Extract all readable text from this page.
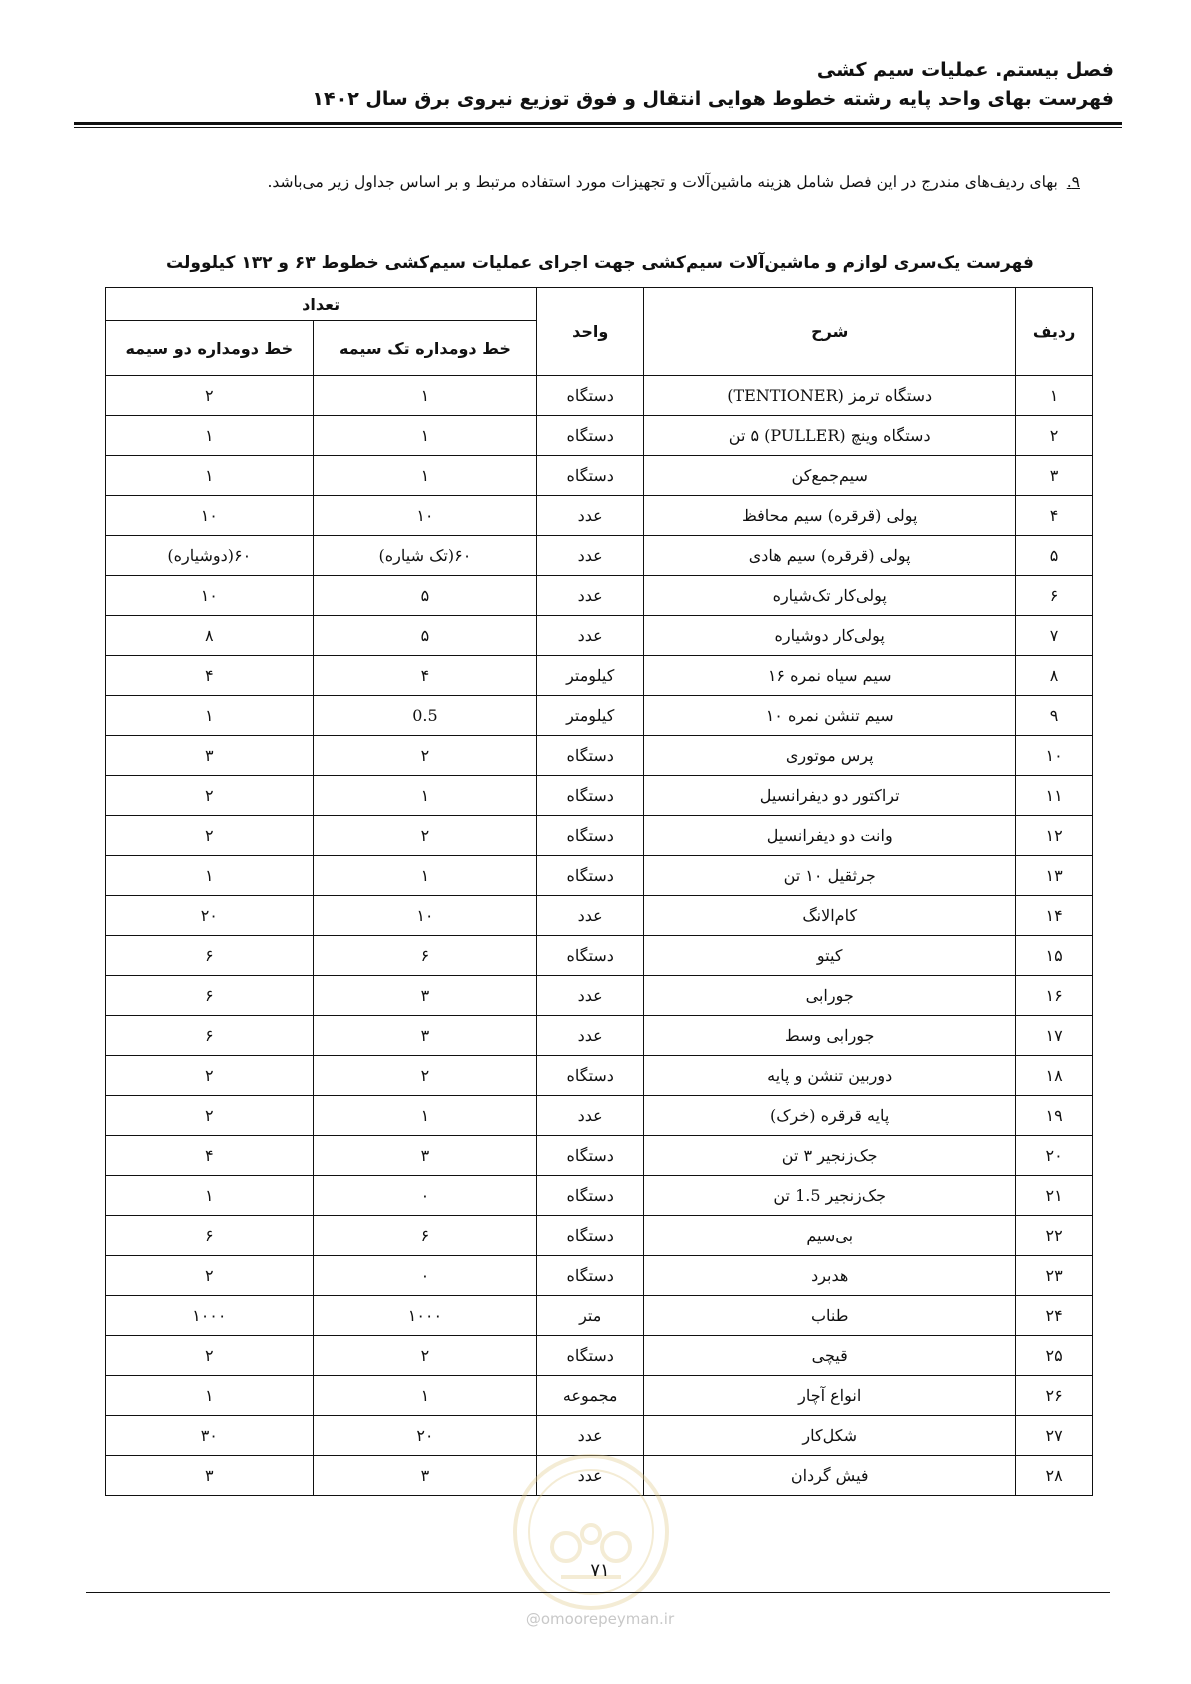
فصل بیستم. عملیات سیم کشی
فهرست بهای واحد پایه رشته خطوط هوایی انتقال و فوق توزیع نیروی برق سال ۱۴۰۲
۹. بهای ردیف‌های مندرج در این فصل شامل هزینه ماشین‌آلات و تجهیزات مورد استفاده مرتبط و بر اساس جداول زیر می‌باشد.
فهرست یک‌سری لوازم و ماشین‌آلات سیم‌کشی جهت اجرای عملیات سیم‌کشی خطوط ۶۳ و ۱۳۲ کیلوولت
ردیف	شرح	واحد	تعداد	
			خط دومداره تک سیمه	خط دومداره دو سیمه
۱	دستگاه ترمز (TENTIONER)	دستگاه	۱	۲
۲	دستگاه وینچ (PULLER) ۵ تن	دستگاه	۱	۱
۳	سیم‌جمع‌کن	دستگاه	۱	۱
۴	پولی (قرقره) سیم محافظ	عدد	۱۰	۱۰
۵	پولی (قرقره) سیم هادی	عدد	۶۰(تک شیاره)	۶۰(دوشیاره)
۶	پولی‌کار تک‌شیاره	عدد	۵	۱۰
۷	پولی‌کار دوشیاره	عدد	۵	۸
۸	سیم سیاه نمره ۱۶	کیلومتر	۴	۴
۹	سیم تنشن نمره ۱۰	کیلومتر	0.5	۱
۱۰	پرس موتوری	دستگاه	۲	۳
۱۱	تراکتور دو دیفرانسیل	دستگاه	۱	۲
۱۲	وانت دو دیفرانسیل	دستگاه	۲	۲
۱۳	جرثقیل ۱۰ تن	دستگاه	۱	۱
۱۴	کام‌الانگ	عدد	۱۰	۲۰
۱۵	کیتو	دستگاه	۶	۶
۱۶	جورابی	عدد	۳	۶
۱۷	جورابی وسط	عدد	۳	۶
۱۸	دوربین تنشن و پایه	دستگاه	۲	۲
۱۹	پایه قرقره (خرک)	عدد	۱	۲
۲۰	جک‌زنجیر ۳ تن	دستگاه	۳	۴
۲۱	جک‌زنجیر 1.5 تن	دستگاه	۰	۱
۲۲	بی‌سیم	دستگاه	۶	۶
۲۳	هدبرد	دستگاه	۰	۲
۲۴	طناب	متر	۱۰۰۰	۱۰۰۰
۲۵	قیچی	دستگاه	۲	۲
۲۶	انواع آچار	مجموعه	۱	۱
۲۷	شکل‌کار	عدد	۲۰	۳۰
۲۸	فیش گردان	عدد	۳	۳
۷۱
@omoorepeyman.ir
